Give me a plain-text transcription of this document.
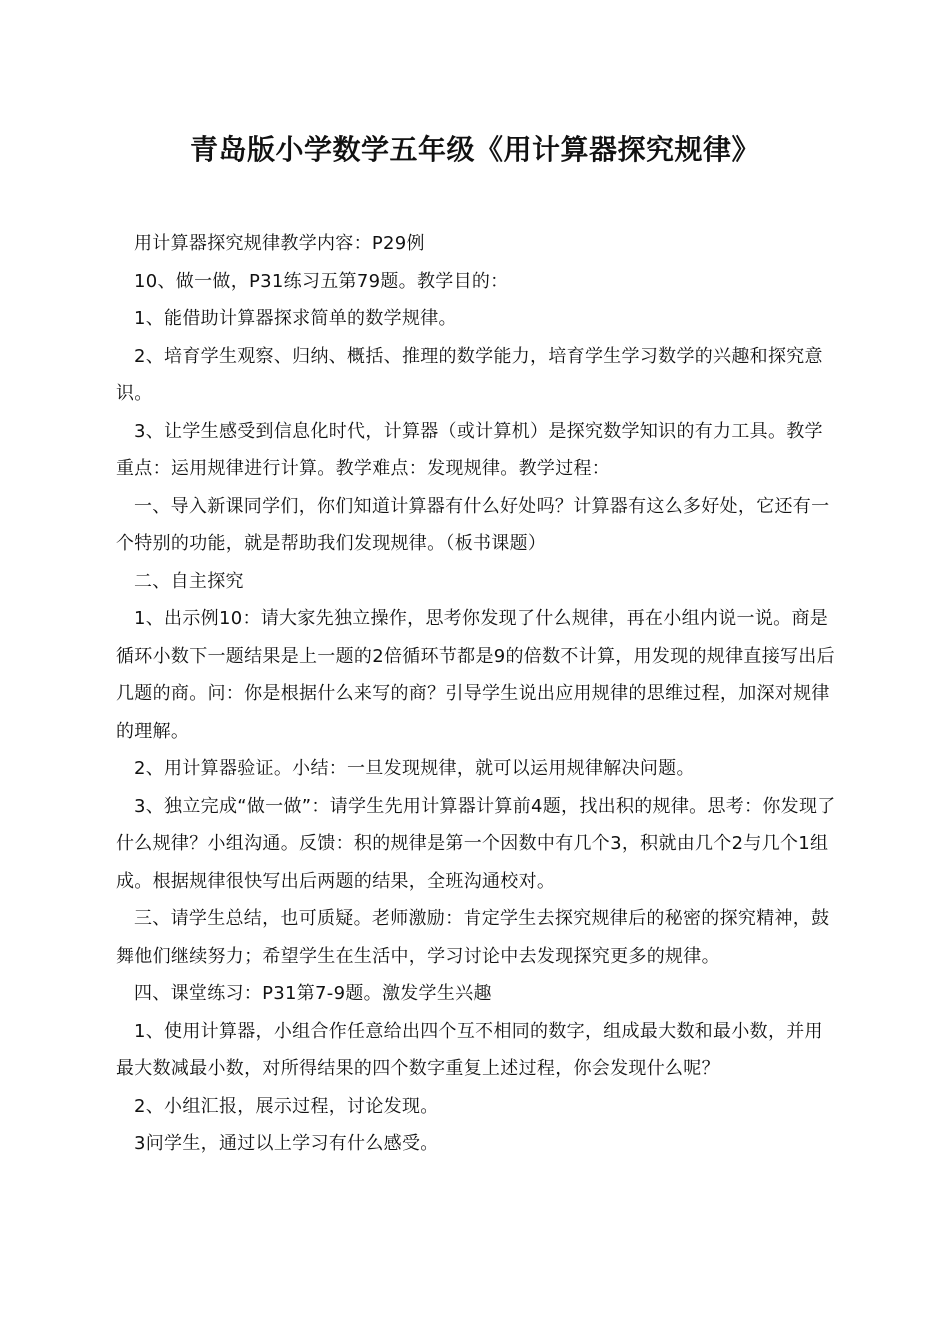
青岛版小学数学五年级《用计算器探究规律》

用计算器探究规律教学内容：P29例

10、做一做，P31练习五第79题。教学目的：

1、能借助计算器探求简单的数学规律。

2、培育学生观察、归纳、概括、推理的数学能力，培育学生学习数学的兴趣和探究意识。

3、让学生感受到信息化时代，计算器（或计算机）是探究数学知识的有力工具。教学重点：运用规律进行计算。教学难点：发现规律。教学过程：

一、导入新课同学们，你们知道计算器有什么好处吗？计算器有这么多好处，它还有一个特别的功能，就是帮助我们发现规律。（板书课题）

二、自主探究

1、出示例10：请大家先独立操作，思考你发现了什么规律，再在小组内说一说。商是循环小数下一题结果是上一题的2倍循环节都是9的倍数不计算，用发现的规律直接写出后几题的商。问：你是根据什么来写的商？引导学生说出应用规律的思维过程，加深对规律的理解。

2、用计算器验证。小结：一旦发现规律，就可以运用规律解决问题。

3、独立完成“做一做”：请学生先用计算器计算前4题，找出积的规律。思考：你发现了什么规律？小组沟通。反馈：积的规律是第一个因数中有几个3，积就由几个2与几个1组成。根据规律很快写出后两题的结果，全班沟通校对。

三、请学生总结，也可质疑。老师激励：肯定学生去探究规律后的秘密的探究精神，鼓舞他们继续努力；希望学生在生活中，学习讨论中去发现探究更多的规律。

四、课堂练习：P31第7-9题。激发学生兴趣

1、使用计算器，小组合作任意给出四个互不相同的数字，组成最大数和最小数，并用最大数减最小数，对所得结果的四个数字重复上述过程，你会发现什么呢？

2、小组汇报，展示过程，讨论发现。

3问学生，通过以上学习有什么感受。
